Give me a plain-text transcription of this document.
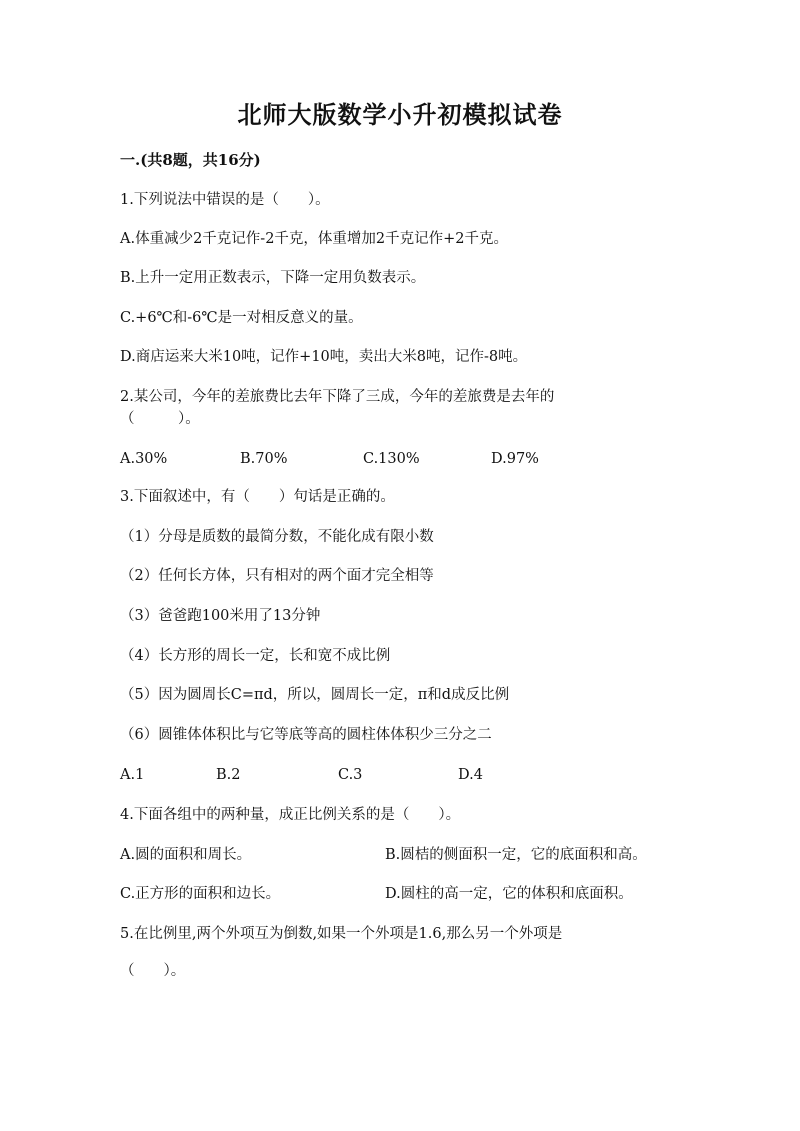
北师大版数学小升初模拟试卷
一.(共8题，共16分)
1.下列说法中错误的是（　　）。
A.体重减少2千克记作-2千克，体重增加2千克记作+2千克。
B.上升一定用正数表示，下降一定用负数表示。
C.+6℃和-6℃是一对相反意义的量。
D.商店运来大米10吨，记作+10吨，卖出大米8吨，记作-8吨。
2.某公司，今年的差旅费比去年下降了三成，今年的差旅费是去年的
（　　　）。
A.30%	B.70%	C.130%	D.97%
3.下面叙述中，有（　　）句话是正确的。
（1）分母是质数的最简分数，不能化成有限小数
（2）任何长方体，只有相对的两个面才完全相等
（3）爸爸跑100米用了13分钟
（4）长方形的周长一定，长和宽不成比例
（5）因为圆周长C=πd，所以，圆周长一定，π和d成反比例
（6）圆锥体体积比与它等底等高的圆柱体体积少三分之二
A.1	B.2	C.3	D.4
4.下面各组中的两种量，成正比例关系的是（　　）。
A.圆的面积和周长。	B.圆桔的侧面积一定，它的底面积和高。
C.正方形的面积和边长。	D.圆柱的高一定，它的体积和底面积。
5.在比例里,两个外项互为倒数,如果一个外项是1.6,那么另一个外项是
（　　）。
